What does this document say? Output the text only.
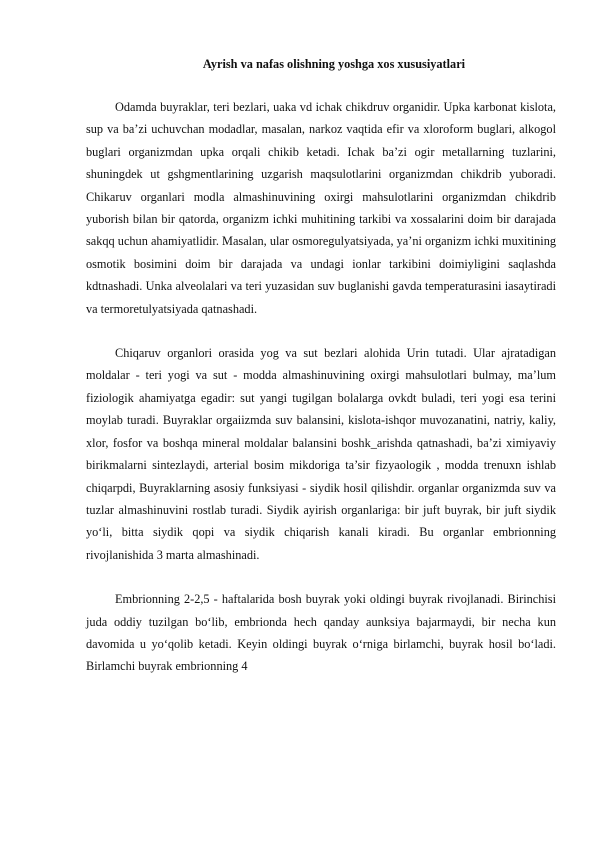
Ayrish va nafas olishning yoshga xos xususiyatlari

Odamda buyraklar, teri bezlari, uaka vd ichak chikdruv organidir. Upka karbonat kislota, sup va ba’zi uchuvchan modadlar, masalan, narkoz vaqtida efir va xloroform buglari, alkogol buglari organizmdan upka orqali chikib ketadi. Ichak ba’zi ogir metallarning tuzlarini, shuningdek ut gshgmentlarining uzgarish maqsulotlarini organizmdan chikdrib yuboradi. Chikaruv organlari modla almashinuvining oxirgi mahsulotlarini organizmdan chikdrib yuborish bilan bir qatorda, organizm ichki muhitining tarkibi va xossalarini doim bir darajada sakqq uchun ahamiyatlidir. Masalan, ular osmoregulyatsiyada, ya’ni organizm ichki muxitining osmotik bosimini doim bir darajada va undagi ionlar tarkibini doimiyligini saqlashda kdtnashadi. Unka alveolalari va teri yuzasidan suv buglanishi gavda temperaturasini iasaytiradi va termoretulyatsiyada qatnashadi.

Chiqaruv organlori orasida yog va sut bezlari alohida Urin tutadi. Ular ajratadigan moldalar - teri yogi va sut - modda almashinuvining oxirgi mahsulotlari bulmay, ma’lum fiziologik ahamiyatga egadir: sut yangi tugilgan bolalarga ovkdt buladi, teri yogi esa terini moylab turadi. Buyraklar orgaiizmda suv balansini, kislota-ishqor muvozanatini, natriy, kaliy, xlor, fosfor va boshqa mineral moldalar balansini boshk_arishda qatnashadi, ba’zi ximiyaviy birikmalarni sintezlaydi, arterial bosim mikdoriga ta’sir fizyaologik , modda trenuxn ishlab chiqarpdi, Buyraklarning asosiy funksiyasi - siydik hosil qilishdir. organlar organizmda suv va tuzlar almashinuvini rostlab turadi. Siydik ayirish organlariga: bir juft buyrak, bir juft siydik yo‘li, bitta siydik qopi va siydik chiqarish kanali kiradi. Bu organlar embrionning rivojlanishida 3 marta almashinadi.

Embrionning 2-2,5 - haftalarida bosh buyrak yoki oldingi buyrak rivojlanadi. Birinchisi juda oddiy tuzilgan bo‘lib, embrionda hech qanday aunksiya bajarmaydi, bir necha kun davomida u yo‘qolib ketadi. Keyin oldingi buyrak o‘rniga birlamchi, buyrak hosil bo‘ladi. Birlamchi buyrak embrionning 4
